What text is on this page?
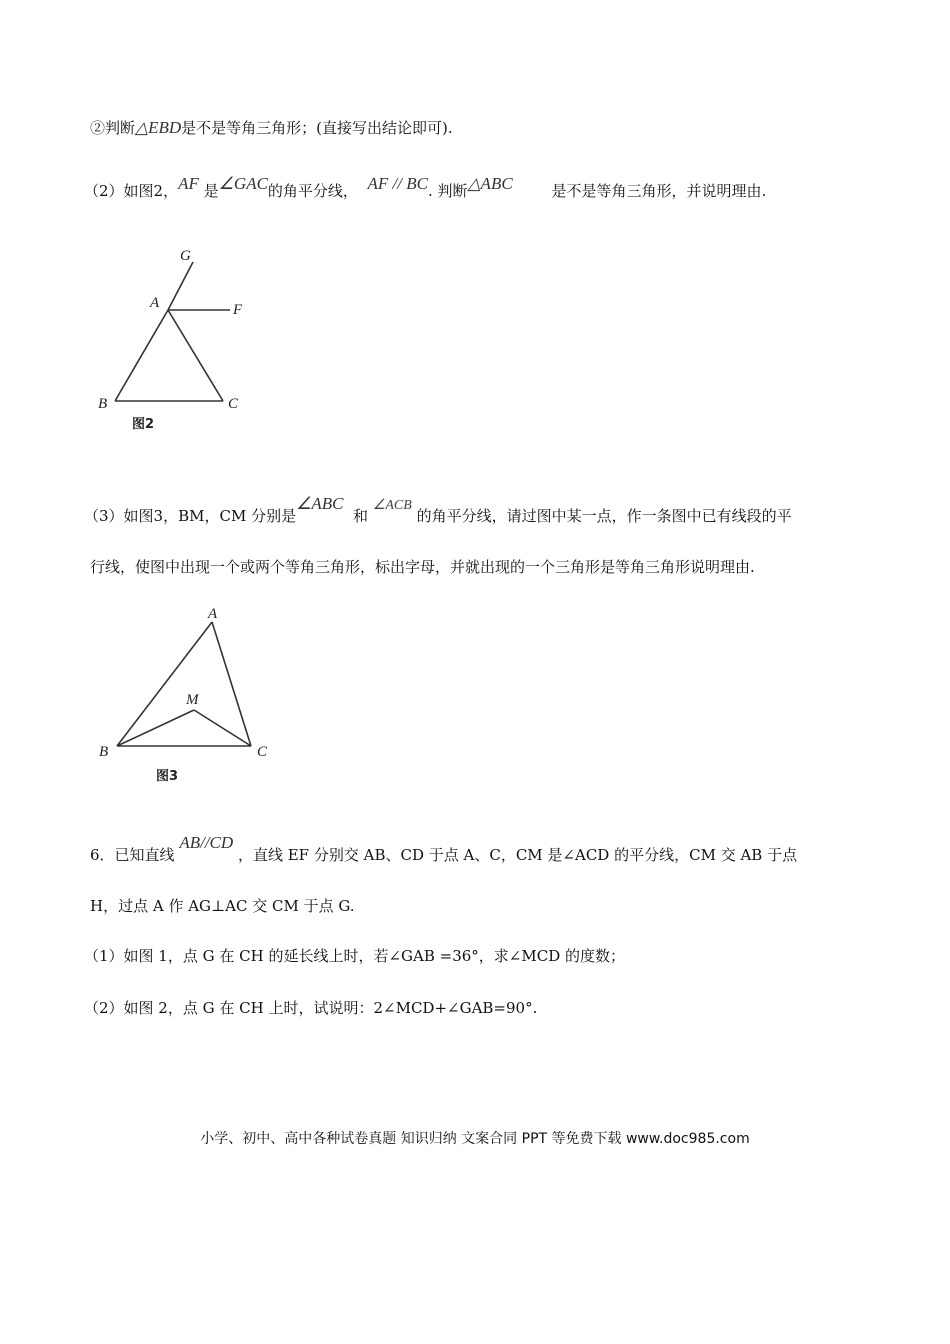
②判断△EBD是不是等角三角形；(直接写出结论即可).
（2）如图2，AF 是∠GAC的角平分线， AF // BC. 判断△ABC	是不是等角三角形，并说明理由.
G
A	F
B	C
图2
（3）如图3，BM，CM 分别是∠ABC  和 ∠ACB 的角平分线，请过图中某一点，作一条图中已有线段的平
行线，使图中出现一个或两个等角三角形，标出字母，并就出现的一个三角形是等角三角形说明理由.
A
M
B	C
图3
6．已知直线 AB//CD ，直线 EF 分别交 AB、CD 于点 A、C，CM 是∠ACD 的平分线，CM 交 AB 于点
H，过点 A 作 AG⊥AC 交 CM 于点 G.
（1）如图 1，点 G 在 CH 的延长线上时，若∠GAB =36°，求∠MCD 的度数；
（2）如图 2，点 G 在 CH 上时，试说明：2∠MCD+∠GAB=90°.
小学、初中、高中各种试卷真题 知识归纳 文案合同 PPT 等免费下载 www.doc985.com
